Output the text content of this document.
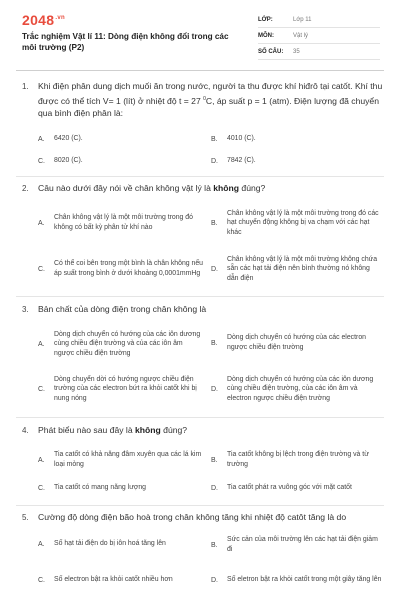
$2048^{.vn}$
Trắc nghiệm Vật lí 11: Dòng điện không đổi trong các môi trường (P2)
LỚP:	Lớp 11
MÔN:	Vật lý
SỐ CÂU:	35
1. Khi điện phân dung dịch muối ăn trong nước, người ta thu được khí hiđrô tại catốt. Khí thu được có thể tích V= 1 (lít) ở nhiệt độ t = 27 $^0$C, áp suất p = 1 (atm). Điện lượng đã chuyển qua bình điện phân là:
A.	6420 (C).	B.	4010 (C).
C.	8020 (C).	D.	7842 (C).
2. Câu nào dưới đây nói về chân không vật lý là không đúng?
A.
Chân không vật lý là một môi trường trong đó không có bất kỳ phân tử khí nào
B.
Chân không vật lý là một môi trường trong đó các hạt chuyển động không bị va chạm với các hạt khác
C.
Có thể coi bên trong một bình là chân không nếu áp suất trong bình ở dưới khoảng 0,0001mmHg
D.
Chân không vật lý là một môi trường không chứa sẵn các hạt tải điện nên bình thường nó không dẫn điện
3. Bản chất của dòng điện trong chân không là
A.
Dòng dịch chuyển có hướng của các iôn dương cùng chiều điện trường và của các iôn âm ngược chiều điện trường
B.
Dòng dịch chuyển có hướng của các electron ngược chiều điện trường
C.
Dòng chuyển dời có hướng ngược chiều điện trường của các electron bứt ra khỏi catốt khi bị nung nóng
D.
Dòng dịch chuyển có hướng của các iôn dương cùng chiều điện trường, của các iôn âm và electron ngược chiều điện trường
4. Phát biểu nào sau đây là không đúng?
A.
Tia catốt có khả năng đâm xuyên qua các lá kim loại mỏng
B.
Tia catốt không bị lệch trong điện trường và từ trường
C.	Tia catốt có mang năng lượng	D.	Tia catốt phát ra vuông góc với mặt catốt
5. Cường độ dòng điện bão hoà trong chân không tăng khi nhiệt độ catôt tăng là do
A.	Số hạt tải điện do bị iôn hoá tăng lên	B.
Sức cản của môi trường lên các hạt tải điện giảm đi
C.	Số electron bật ra khỏi catốt nhiều hơn	D.	Số eletron bật ra khỏi catốt trong một giây tăng lên
